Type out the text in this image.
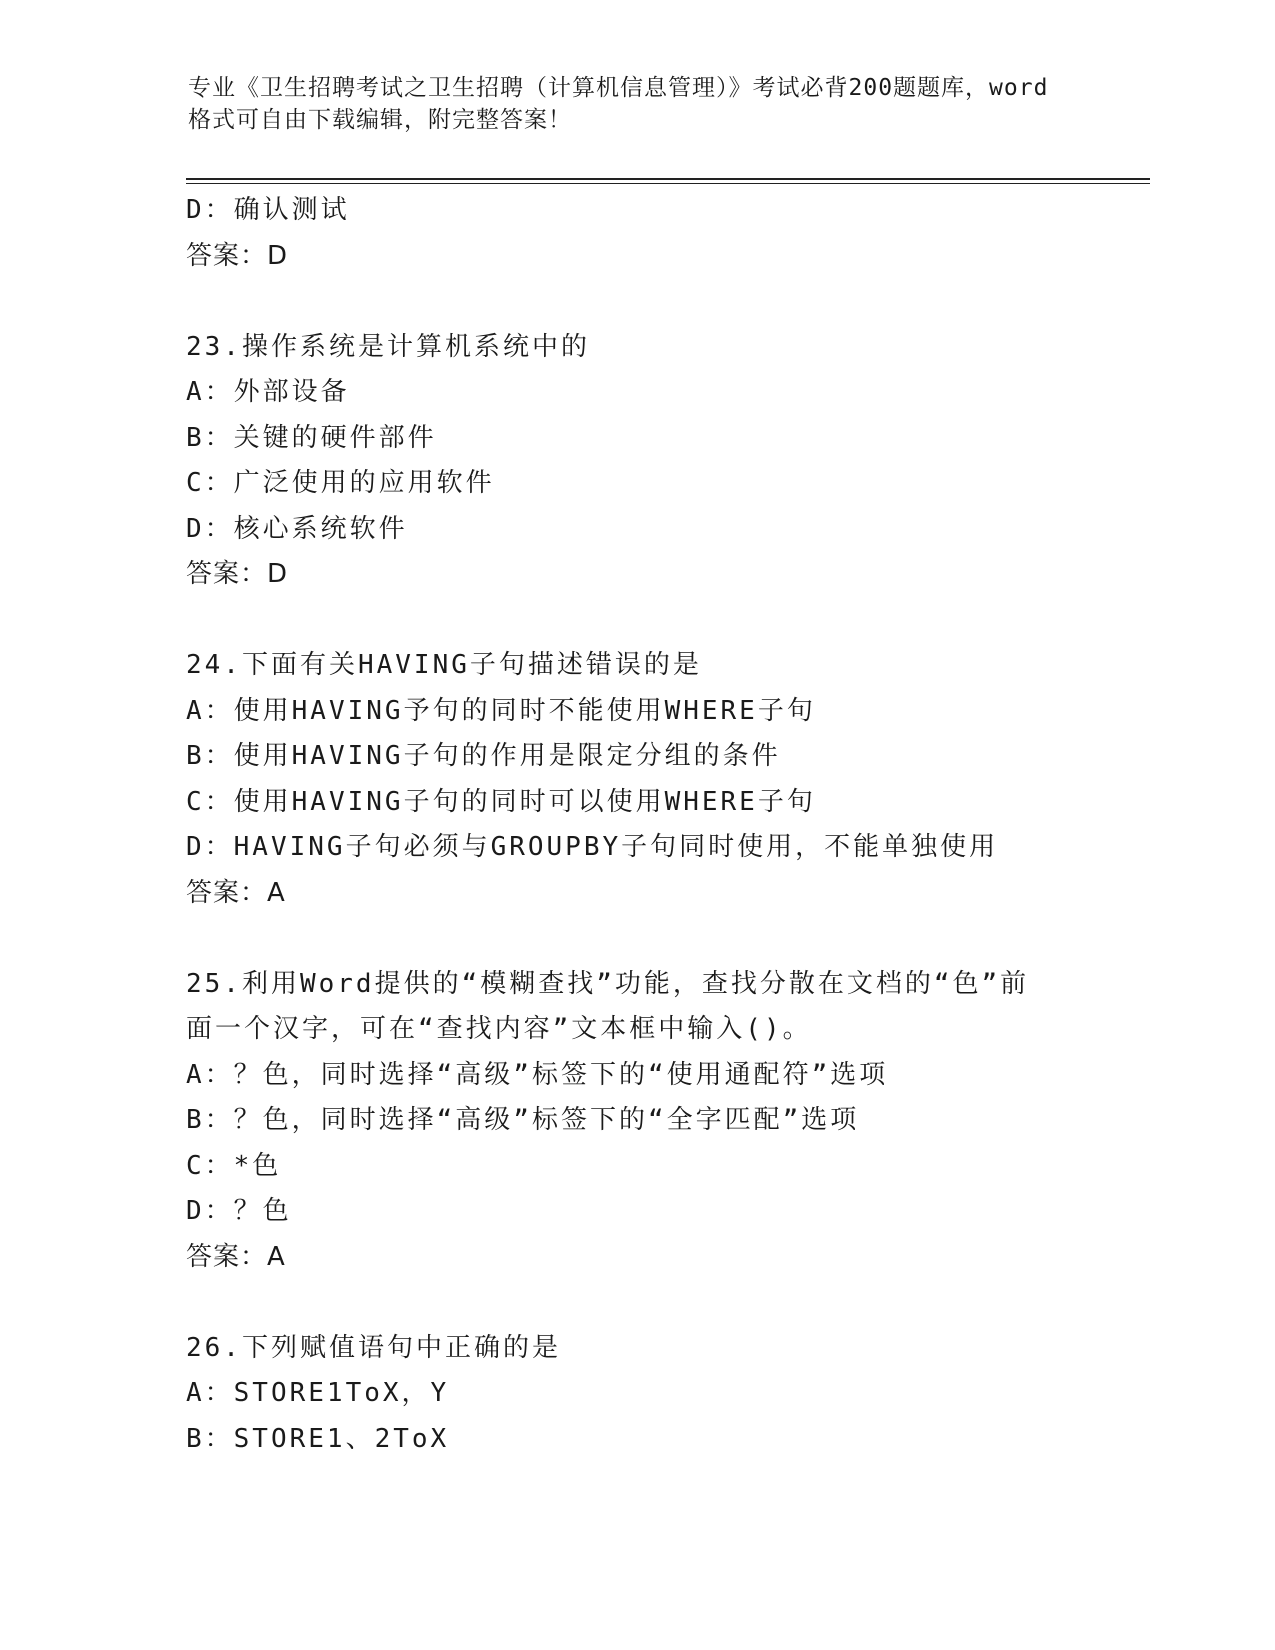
专业《卫生招聘考试之卫生招聘（计算机信息管理）》考试必背200题题库，word
格式可自由下载编辑，附完整答案！
D：确认测试
答案：D
23.操作系统是计算机系统中的
A：外部设备
B：关键的硬件部件
C：广泛使用的应用软件
D：核心系统软件
答案：D
24.下面有关HAVING子句描述错误的是
A：使用HAVING予句的同时不能使用WHERE子句
B：使用HAVING子句的作用是限定分组的条件
C：使用HAVING子句的同时可以使用WHERE子句
D：HAVING子句必须与GROUPBY子句同时使用，不能单独使用
答案：A
25.利用Word提供的“模糊查找”功能，查找分散在文档的“色”前
面一个汉字，可在“查找内容”文本框中输入()。
A：？色，同时选择“高级”标签下的“使用通配符”选项
B：？色，同时选择“高级”标签下的“全字匹配”选项
C：*色
D：？色
答案：A
26.下列赋值语句中正确的是
A：STORE1ToX，Y
B：STORE1、2ToX
